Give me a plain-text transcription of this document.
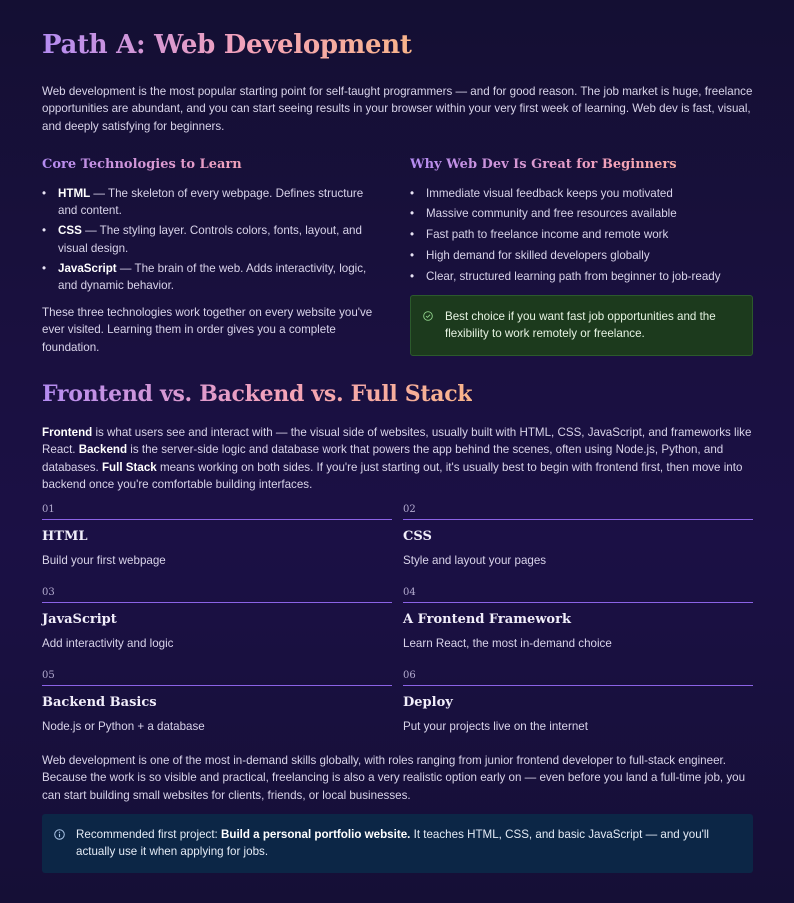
Path A: Web Development

Web development is the most popular starting point for self-taught programmers — and for good reason. The job market is huge, freelance opportunities are abundant, and you can start seeing results in your browser within your very first week of learning. Web dev is fast, visual, and deeply satisfying for beginners.

Core Technologies to Learn
• HTML — The skeleton of every webpage. Defines structure and content.
• CSS — The styling layer. Controls colors, fonts, layout, and visual design.
• JavaScript — The brain of the web. Adds interactivity, logic, and dynamic behavior.

These three technologies work together on every website you've ever visited. Learning them in order gives you a complete foundation.

Why Web Dev Is Great for Beginners
• Immediate visual feedback keeps you motivated
• Massive community and free resources available
• Fast path to freelance income and remote work
• High demand for skilled developers globally
• Clear, structured learning path from beginner to job-ready
Best choice if you want fast job opportunities and the flexibility to work remotely or freelance.
Frontend vs. Backend vs. Full Stack

Frontend is what users see and interact with — the visual side of websites, usually built with HTML, CSS, JavaScript, and frameworks like React. Backend is the server-side logic and database work that powers the app behind the scenes, often using Node.js, Python, and databases. Full Stack means working on both sides. If you're just starting out, it's usually best to begin with frontend first, then move into backend once you're comfortable building interfaces.

01
HTML
Build your first webpage
02
CSS
Style and layout your pages
03
JavaScript
Add interactivity and logic
04
A Frontend Framework
Learn React, the most in-demand choice
05
Backend Basics
Node.js or Python + a database
06
Deploy
Put your projects live on the internet

Web development is one of the most in-demand skills globally, with roles ranging from junior frontend developer to full-stack engineer. Because the work is so visible and practical, freelancing is also a very realistic option early on — even before you land a full-time job, you can start building small websites for clients, friends, or local businesses.

Recommended first project: Build a personal portfolio website. It teaches HTML, CSS, and basic JavaScript — and you'll actually use it when applying for jobs.
